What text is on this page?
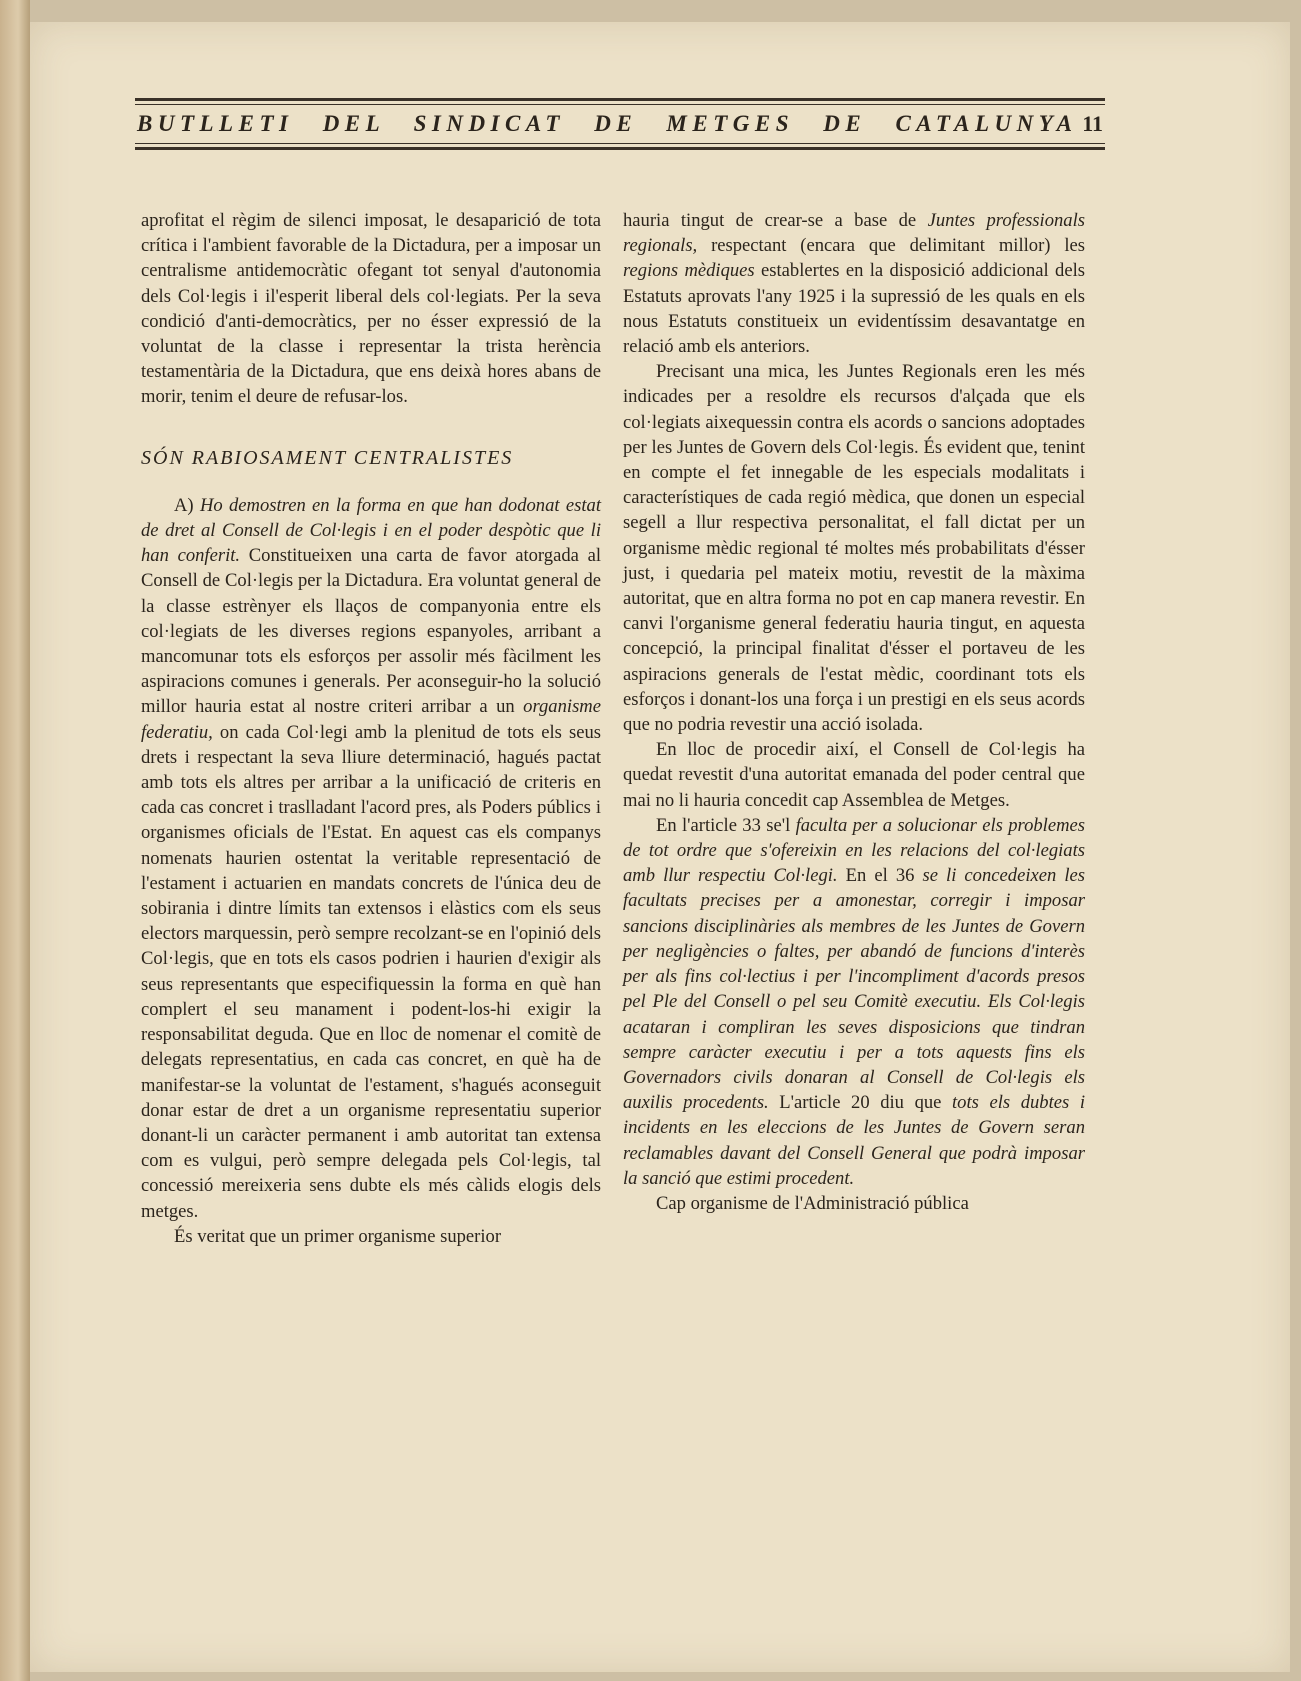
BUTLLETI DEL SINDICAT DE METGES DE CATALUNYA 11

aprofitat el règim de silenci imposat, le desaparició de tota crítica i l'ambient favorable de la Dictadura, per a imposar un centralisme antidemocràtic ofegant tot senyal d'autonomia dels Col·legis i il'esperit liberal dels col·legiats. Per la seva condició d'anti-democràtics, per no ésser expressió de la voluntat de la classe i representar la trista herència testamentària de la Dictadura, que ens deixà hores abans de morir, tenim el deure de refusar-los.

SÓN RABIOSAMENT CENTRALISTES

A) Ho demostren en la forma en que han dodonat estat de dret al Consell de Col·legis i en el poder despòtic que li han conferit. Constitueixen una carta de favor atorgada al Consell de Col·legis per la Dictadura. Era voluntat general de la classe estrènyer els llaços de companyonia entre els col·legiats de les diverses regions espanyoles, arribant a mancomunar tots els esforços per assolir més fàcilment les aspiracions comunes i generals. Per aconseguir-ho la solució millor hauria estat al nostre criteri arribar a un organisme federatiu, on cada Col·legi amb la plenitud de tots els seus drets i respectant la seva lliure determinació, hagués pactat amb tots els altres per arribar a la unificació de criteris en cada cas concret i traslladant l'acord pres, als Poders públics i organismes oficials de l'Estat. En aquest cas els companys nomenats haurien ostentat la veritable representació de l'estament i actuarien en mandats concrets de l'única deu de sobirania i dintre límits tan extensos i elàstics com els seus electors marquessin, però sempre recolzant-se en l'opinió dels Col·legis, que en tots els casos podrien i haurien d'exigir als seus representants que especifiquessin la forma en què han complert el seu manament i podent-los-hi exigir la responsabilitat deguda. Que en lloc de nomenar el comitè de delegats representatius, en cada cas concret, en què ha de manifestar-se la voluntat de l'estament, s'hagués aconseguit donar estar de dret a un organisme representatiu superior donant-li un caràcter permanent i amb autoritat tan extensa com es vulgui, però sempre delegada pels Col·legis, tal concessió mereixeria sens dubte els més càlids elogis dels metges.

És veritat que un primer organisme superior

hauria tingut de crear-se a base de Juntes professionals regionals, respectant (encara que delimitant millor) les regions mèdiques establertes en la disposició addicional dels Estatuts aprovats l'any 1925 i la supressió de les quals en els nous Estatuts constitueix un evidentíssim desavantatge en relació amb els anteriors.

Precisant una mica, les Juntes Regionals eren les més indicades per a resoldre els recursos d'alçada que els col·legiats aixequessin contra els acords o sancions adoptades per les Juntes de Govern dels Col·legis. És evident que, tenint en compte el fet innegable de les especials modalitats i característiques de cada regió mèdica, que donen un especial segell a llur respectiva personalitat, el fall dictat per un organisme mèdic regional té moltes més probabilitats d'ésser just, i quedaria pel mateix motiu, revestit de la màxima autoritat, que en altra forma no pot en cap manera revestir. En canvi l'organisme general federatiu hauria tingut, en aquesta concepció, la principal finalitat d'ésser el portaveu de les aspiracions generals de l'estat mèdic, coordinant tots els esforços i donant-los una força i un prestigi en els seus acords que no podria revestir una acció isolada.

En lloc de procedir així, el Consell de Col·legis ha quedat revestit d'una autoritat emanada del poder central que mai no li hauria concedit cap Assemblea de Metges.

En l'article 33 se'l faculta per a solucionar els problemes de tot ordre que s'ofereixin en les relacions del col·legiats amb llur respectiu Col·legi. En el 36 se li concedeixen les facultats precises per a amonestar, corregir i imposar sancions disciplinàries als membres de les Juntes de Govern per negligències o faltes, per abandó de funcions d'interès per als fins col·lectius i per l'incompliment d'acords presos pel Ple del Consell o pel seu Comitè executiu. Els Col·legis acataran i compliran les seves disposicions que tindran sempre caràcter executiu i per a tots aquests fins els Governadors civils donaran al Consell de Col·legis els auxilis procedents. L'article 20 diu que tots els dubtes i incidents en les eleccions de les Juntes de Govern seran reclamables davant del Consell General que podrà imposar la sanció que estimi procedent.

Cap organisme de l'Administració pública
